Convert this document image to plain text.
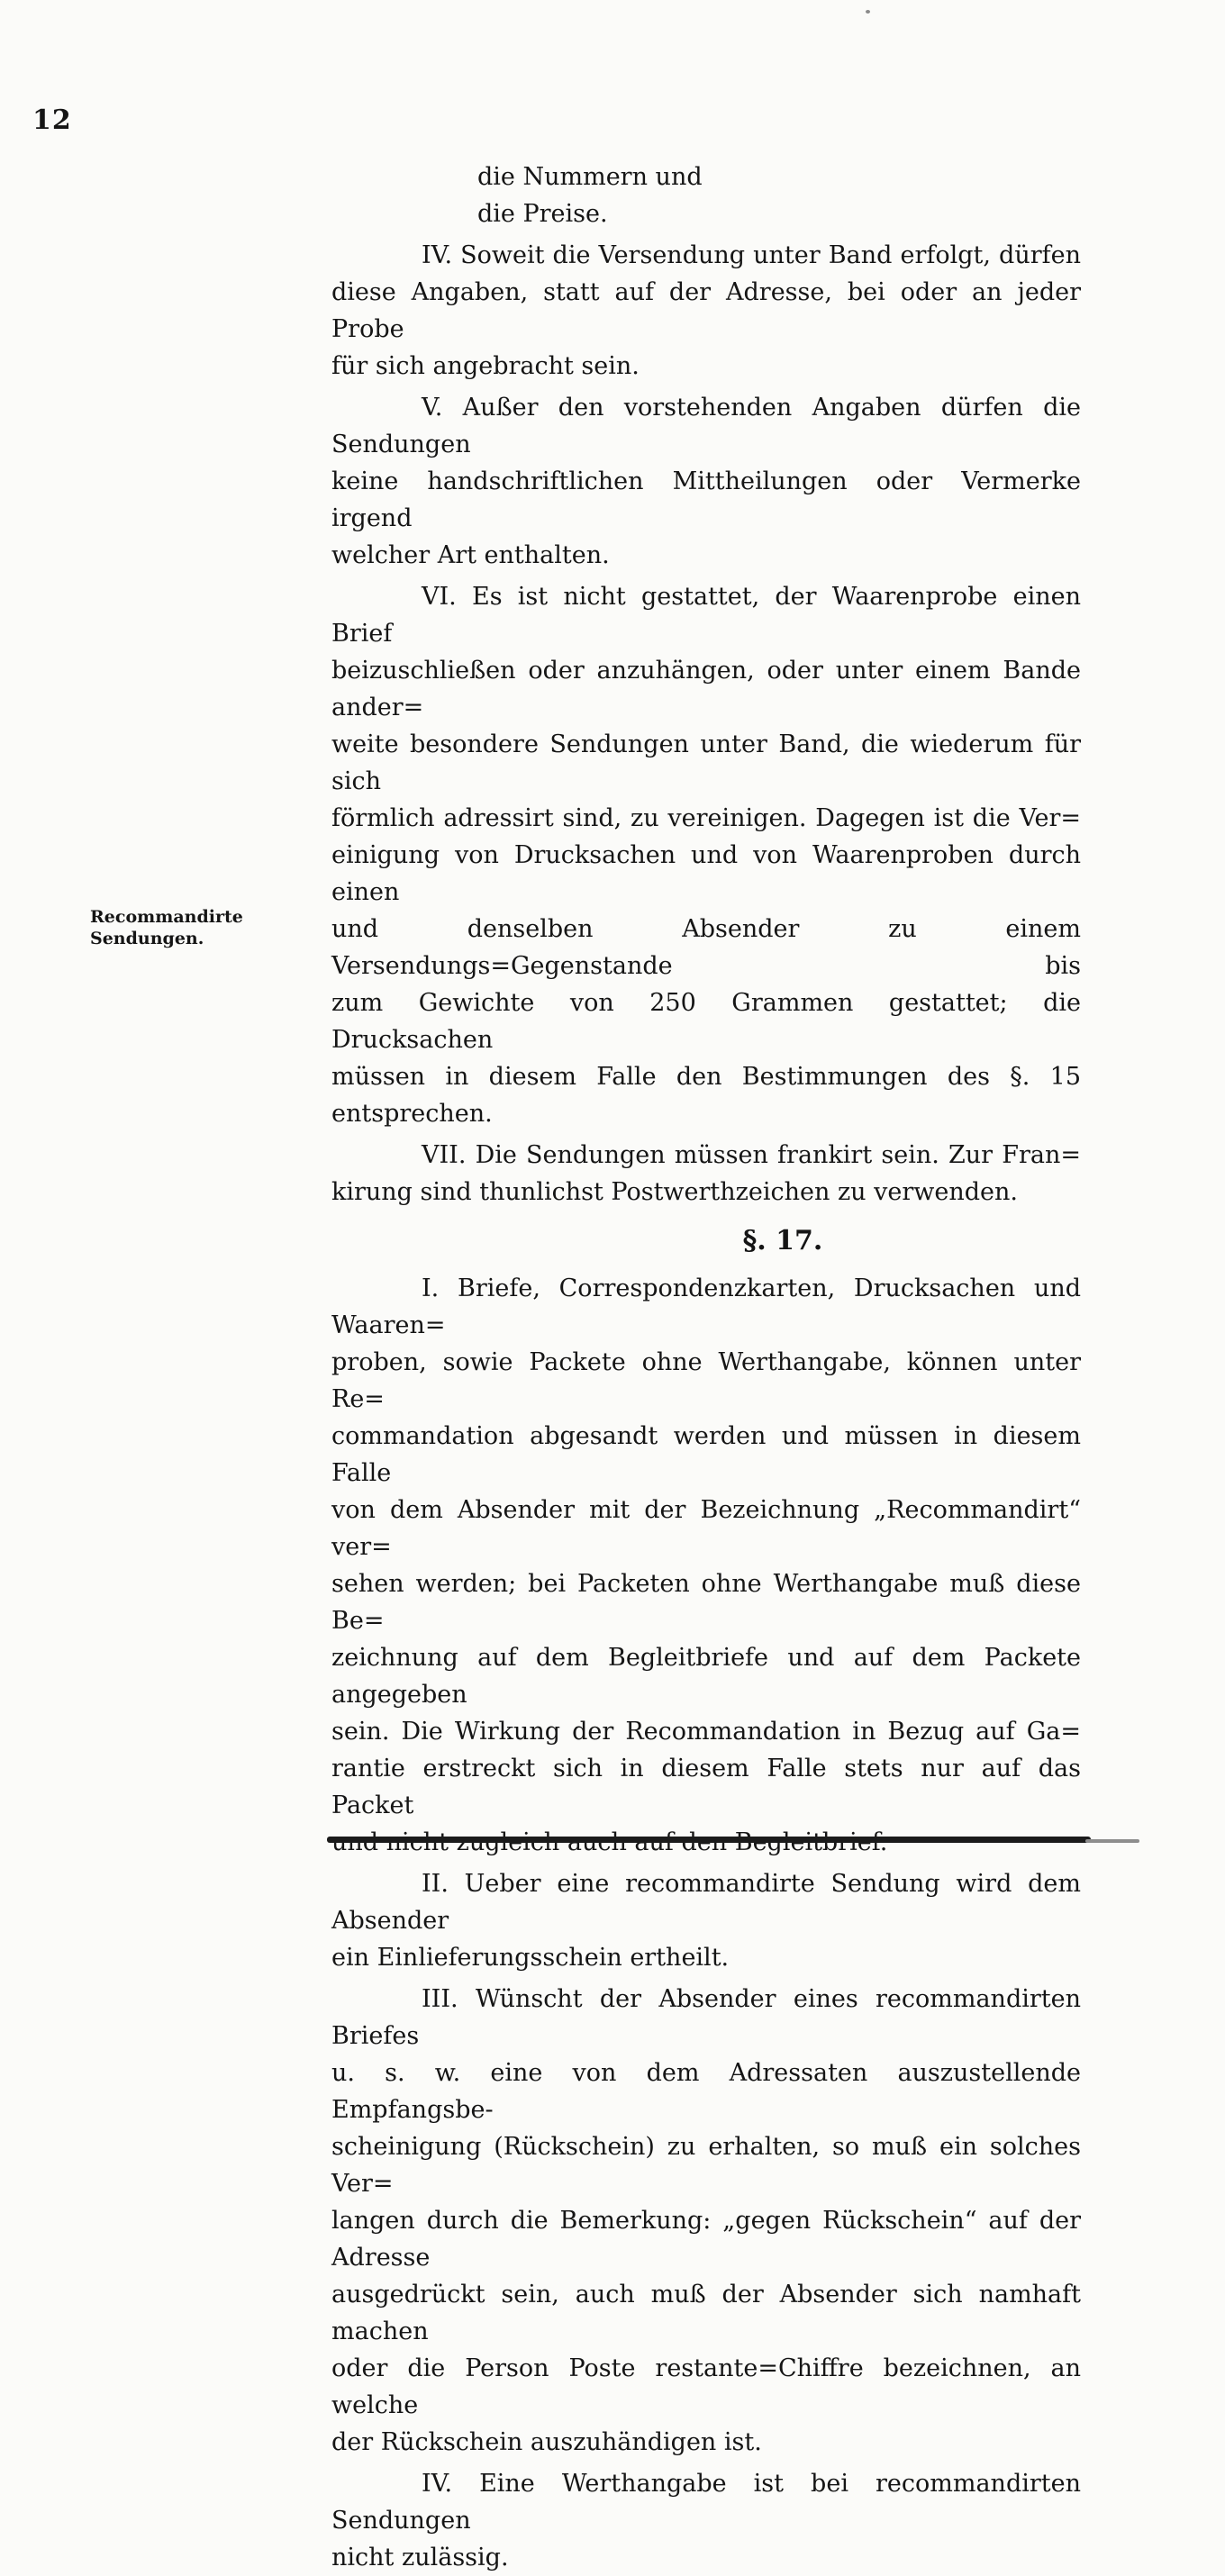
12
die Nummern und
die Preise.
IV. Soweit die Versendung unter Band erfolgt, dürfen
diese Angaben, statt auf der Adresse, bei oder an jeder Probe
für sich angebracht sein.
V. Außer den vorstehenden Angaben dürfen die Sendungen
keine handschriftlichen Mittheilungen oder Vermerke irgend
welcher Art enthalten.
VI. Es ist nicht gestattet, der Waarenprobe einen Brief
beizuschließen oder anzuhängen, oder unter einem Bande ander=
weite besondere Sendungen unter Band, die wiederum für sich
förmlich adressirt sind, zu vereinigen. Dagegen ist die Ver=
einigung von Drucksachen und von Waarenproben durch einen
und denselben Absender zu einem Versendungs=Gegenstande bis
zum Gewichte von 250 Grammen gestattet; die Drucksachen
müssen in diesem Falle den Bestimmungen des §. 15 entsprechen.
VII. Die Sendungen müssen frankirt sein. Zur Fran=
kirung sind thunlichst Postwerthzeichen zu verwenden.
§. 17.
I. Briefe, Correspondenzkarten, Drucksachen und Waaren=
proben, sowie Packete ohne Werthangabe, können unter Re=
commandation abgesandt werden und müssen in diesem Falle
von dem Absender mit der Bezeichnung „Recommandirt“ ver=
sehen werden; bei Packeten ohne Werthangabe muß diese Be=
zeichnung auf dem Begleitbriefe und auf dem Packete angegeben
sein. Die Wirkung der Recommandation in Bezug auf Ga=
rantie erstreckt sich in diesem Falle stets nur auf das Packet
II. Ueber eine recommandirte Sendung wird dem Absender
ein Einlieferungsschein ertheilt.
III. Wünscht der Absender eines recommandirten Briefes
u. s. w. eine von dem Adressaten auszustellende Empfangsbe-
scheinigung (Rückschein) zu erhalten, so muß ein solches Ver=
langen durch die Bemerkung: „gegen Rückschein“ auf der Adresse
ausgedrückt sein, auch muß der Absender sich namhaft machen
oder die Person Poste restante=Chiffre bezeichnen, an welche
der Rückschein auszuhändigen ist.
IV. Eine Werthangabe ist bei recommandirten Sendungen
nicht zulässig.
Recommandirte Sendungen.
